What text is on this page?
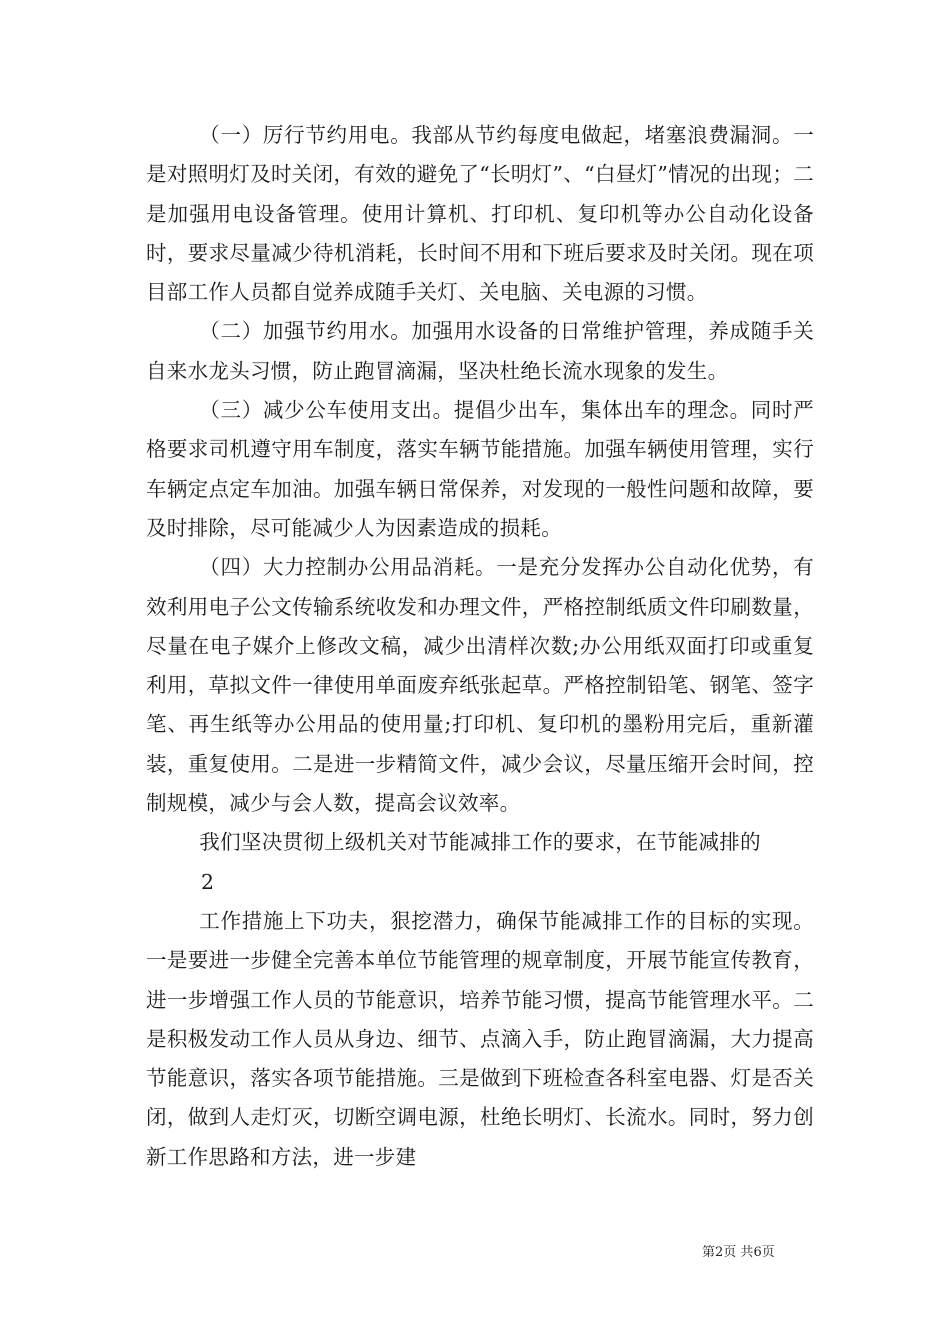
（一）厉行节约用电。我部从节约每度电做起，堵塞浪费漏洞。一是对照明灯及时关闭，有效的避免了“长明灯”、“白昼灯”情况的出现；二是加强用电设备管理。使用计算机、打印机、复印机等办公自动化设备时，要求尽量减少待机消耗，长时间不用和下班后要求及时关闭。现在项目部工作人员都自觉养成随手关灯、关电脑、关电源的习惯。

（二）加强节约用水。加强用水设备的日常维护管理，养成随手关自来水龙头习惯，防止跑冒滴漏，坚决杜绝长流水现象的发生。

（三）减少公车使用支出。提倡少出车，集体出车的理念。同时严格要求司机遵守用车制度，落实车辆节能措施。加强车辆使用管理，实行车辆定点定车加油。加强车辆日常保养，对发现的一般性问题和故障，要及时排除，尽可能减少人为因素造成的损耗。

（四）大力控制办公用品消耗。一是充分发挥办公自动化优势，有效利用电子公文传输系统收发和办理文件，严格控制纸质文件印刷数量，尽量在电子媒介上修改文稿，减少出清样次数;办公用纸双面打印或重复利用，草拟文件一律使用单面废弃纸张起草。严格控制铅笔、钢笔、签字笔、再生纸等办公用品的使用量;打印机、复印机的墨粉用完后，重新灌装，重复使用。二是进一步精简文件，减少会议，尽量压缩开会时间，控制规模，减少与会人数，提高会议效率。

我们坚决贯彻上级机关对节能减排工作的要求，在节能减排的

2

工作措施上下功夫，狠挖潜力，确保节能减排工作的目标的实现。一是要进一步健全完善本单位节能管理的规章制度，开展节能宣传教育，进一步增强工作人员的节能意识，培养节能习惯，提高节能管理水平。二是积极发动工作人员从身边、细节、点滴入手，防止跑冒滴漏，大力提高节能意识，落实各项节能措施。三是做到下班检查各科室电器、灯是否关闭，做到人走灯灭，切断空调电源，杜绝长明灯、长流水。同时，努力创新工作思路和方法，进一步建

第2页 共6页
